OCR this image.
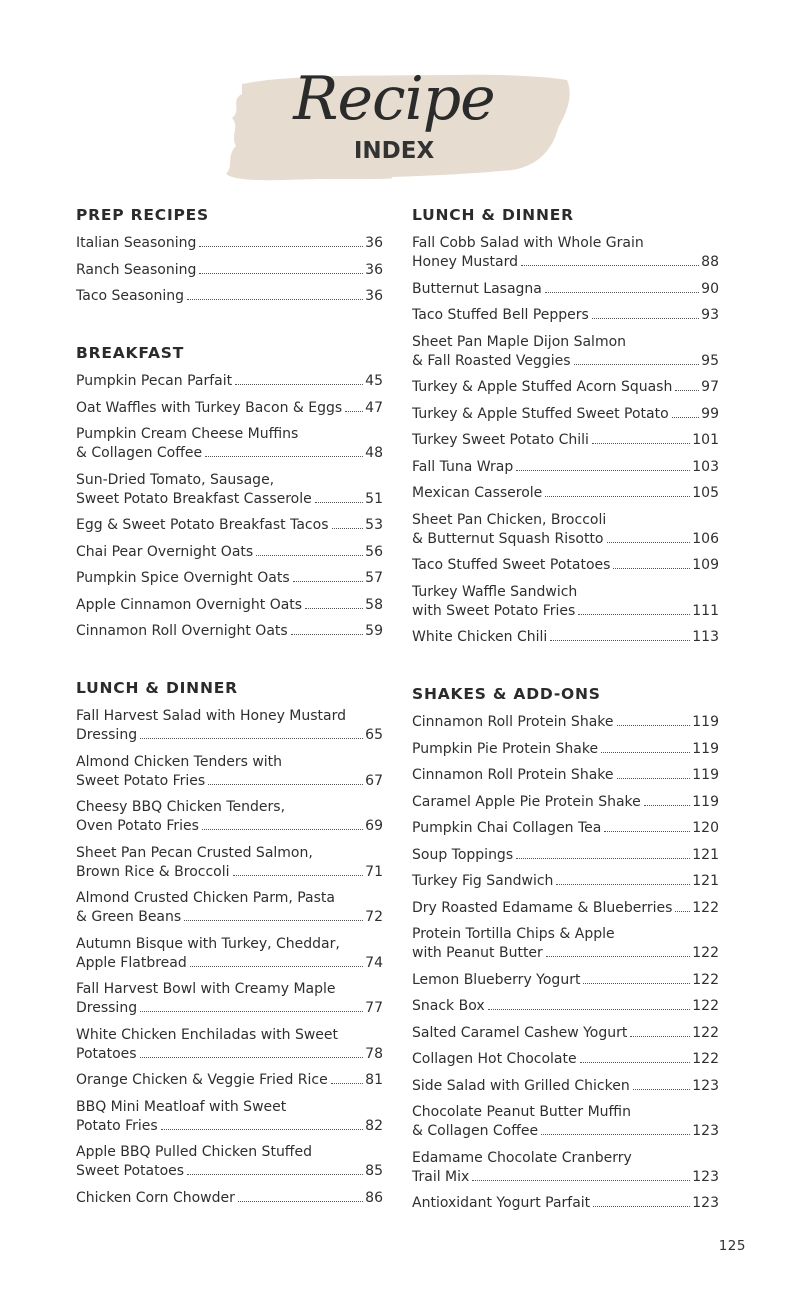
Recipe
INDEX
PREP RECIPES
Italian Seasoning	36
Ranch Seasoning	36
Taco Seasoning	36
BREAKFAST
Pumpkin Pecan Parfait	45
Oat Waffles with Turkey Bacon & Eggs 47
Pumpkin Cream Cheese Muffins
& Collagen Coffee	48
Sun-Dried Tomato, Sausage,
Sweet Potato Breakfast Casserole	51
Egg & Sweet Potato Breakfast Tacos	53
Chai Pear Overnight Oats	56
Pumpkin Spice Overnight Oats	57
Apple Cinnamon Overnight Oats	58
Cinnamon Roll Overnight Oats	59
LUNCH & DINNER
Fall Harvest Salad with Honey Mustard
Dressing	65
Almond Chicken Tenders with
Sweet Potato Fries	67
Cheesy BBQ Chicken Tenders,
Oven Potato Fries	69
Sheet Pan Pecan Crusted Salmon,
Brown Rice & Broccoli	71
Almond Crusted Chicken Parm, Pasta
& Green Beans	72
Autumn Bisque with Turkey, Cheddar,
Apple Flatbread	74
Fall Harvest Bowl with Creamy Maple
Dressing	77
White Chicken Enchiladas with Sweet
Potatoes	78
Orange Chicken & Veggie Fried Rice	81
BBQ Mini Meatloaf with Sweet
Potato Fries	82
Apple BBQ Pulled Chicken Stuffed
Sweet Potatoes	85
Chicken Corn Chowder	86
LUNCH & DINNER
Fall Cobb Salad with Whole Grain
Honey Mustard	88
Butternut Lasagna	90
Taco Stuffed Bell Peppers	93
Sheet Pan Maple Dijon Salmon
& Fall Roasted Veggies	95
Turkey & Apple Stuffed Acorn Squash 97
Turkey & Apple Stuffed Sweet Potato 99
Turkey Sweet Potato Chili	101
Fall Tuna Wrap	103
Mexican Casserole	105
Sheet Pan Chicken, Broccoli
& Butternut Squash Risotto	106
Taco Stuffed Sweet Potatoes	109
Turkey Waffle Sandwich
with Sweet Potato Fries	111
White Chicken Chili	113
SHAKES & ADD-ONS
Cinnamon Roll Protein Shake	119
Pumpkin Pie Protein Shake	119
Cinnamon Roll Protein Shake	119
Caramel Apple Pie Protein Shake	119
Pumpkin Chai Collagen Tea	120
Soup Toppings	121
Turkey Fig Sandwich	121
Dry Roasted Edamame & Blueberries 122
Protein Tortilla Chips & Apple
with Peanut Butter	122
Lemon Blueberry Yogurt	122
Snack Box	122
Salted Caramel Cashew Yogurt	122
Collagen Hot Chocolate	122
Side Salad with Grilled Chicken	123
Chocolate Peanut Butter Muffin
& Collagen Coffee	123
Edamame Chocolate Cranberry
Trail Mix	123
Antioxidant Yogurt Parfait	123
125
